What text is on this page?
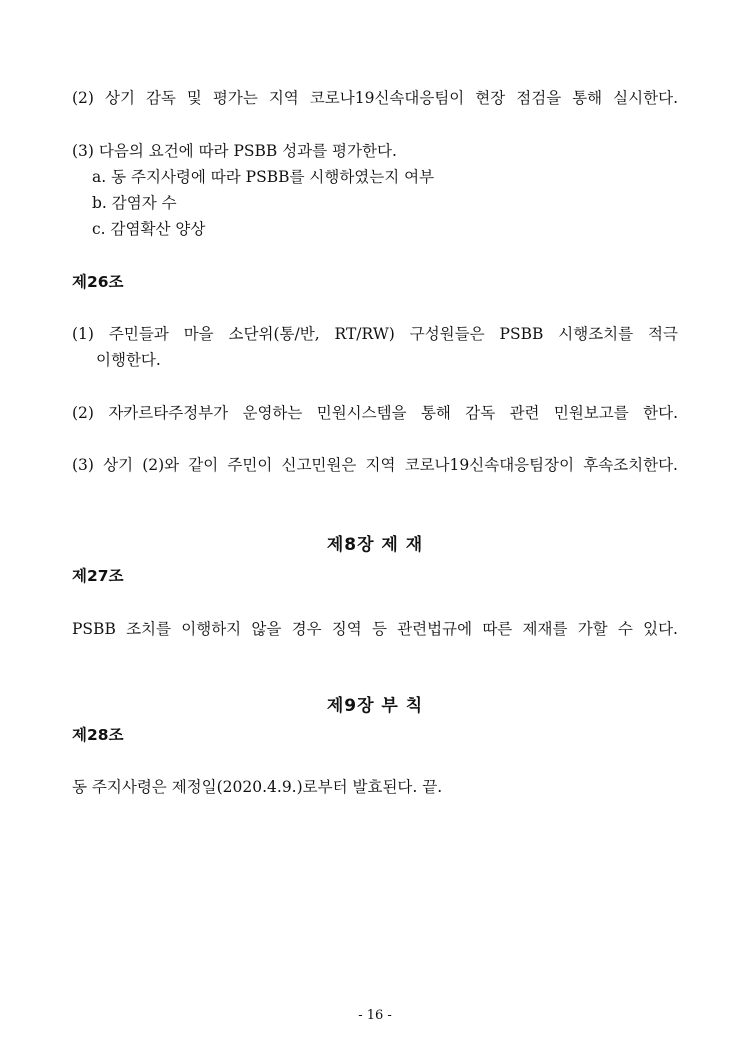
(2) 상기 감독 및 평가는 지역 코로나19신속대응팀이 현장 점검을 통해 실시한다.
(3) 다음의 요건에 따라 PSBB 성과를 평가한다.
a. 동 주지사령에 따라 PSBB를 시행하였는지 여부
b. 감염자 수
c. 감염확산 양상
제26조
(1) 주민들과 마을 소단위(통/반, RT/RW) 구성원들은 PSBB 시행조치를 적극
이행한다.
(2) 자카르타주정부가 운영하는 민원시스템을 통해 감독 관련 민원보고를 한다.
(3) 상기 (2)와 같이 주민이 신고민원은 지역 코로나19신속대응팀장이 후속조치한다.
제8장 제 재
제27조
PSBB 조치를 이행하지 않을 경우 징역 등 관련법규에 따른 제재를 가할 수 있다.
제9장 부 칙
제28조
동 주지사령은 제정일(2020.4.9.)로부터 발효된다. 끝.
- 16 -
